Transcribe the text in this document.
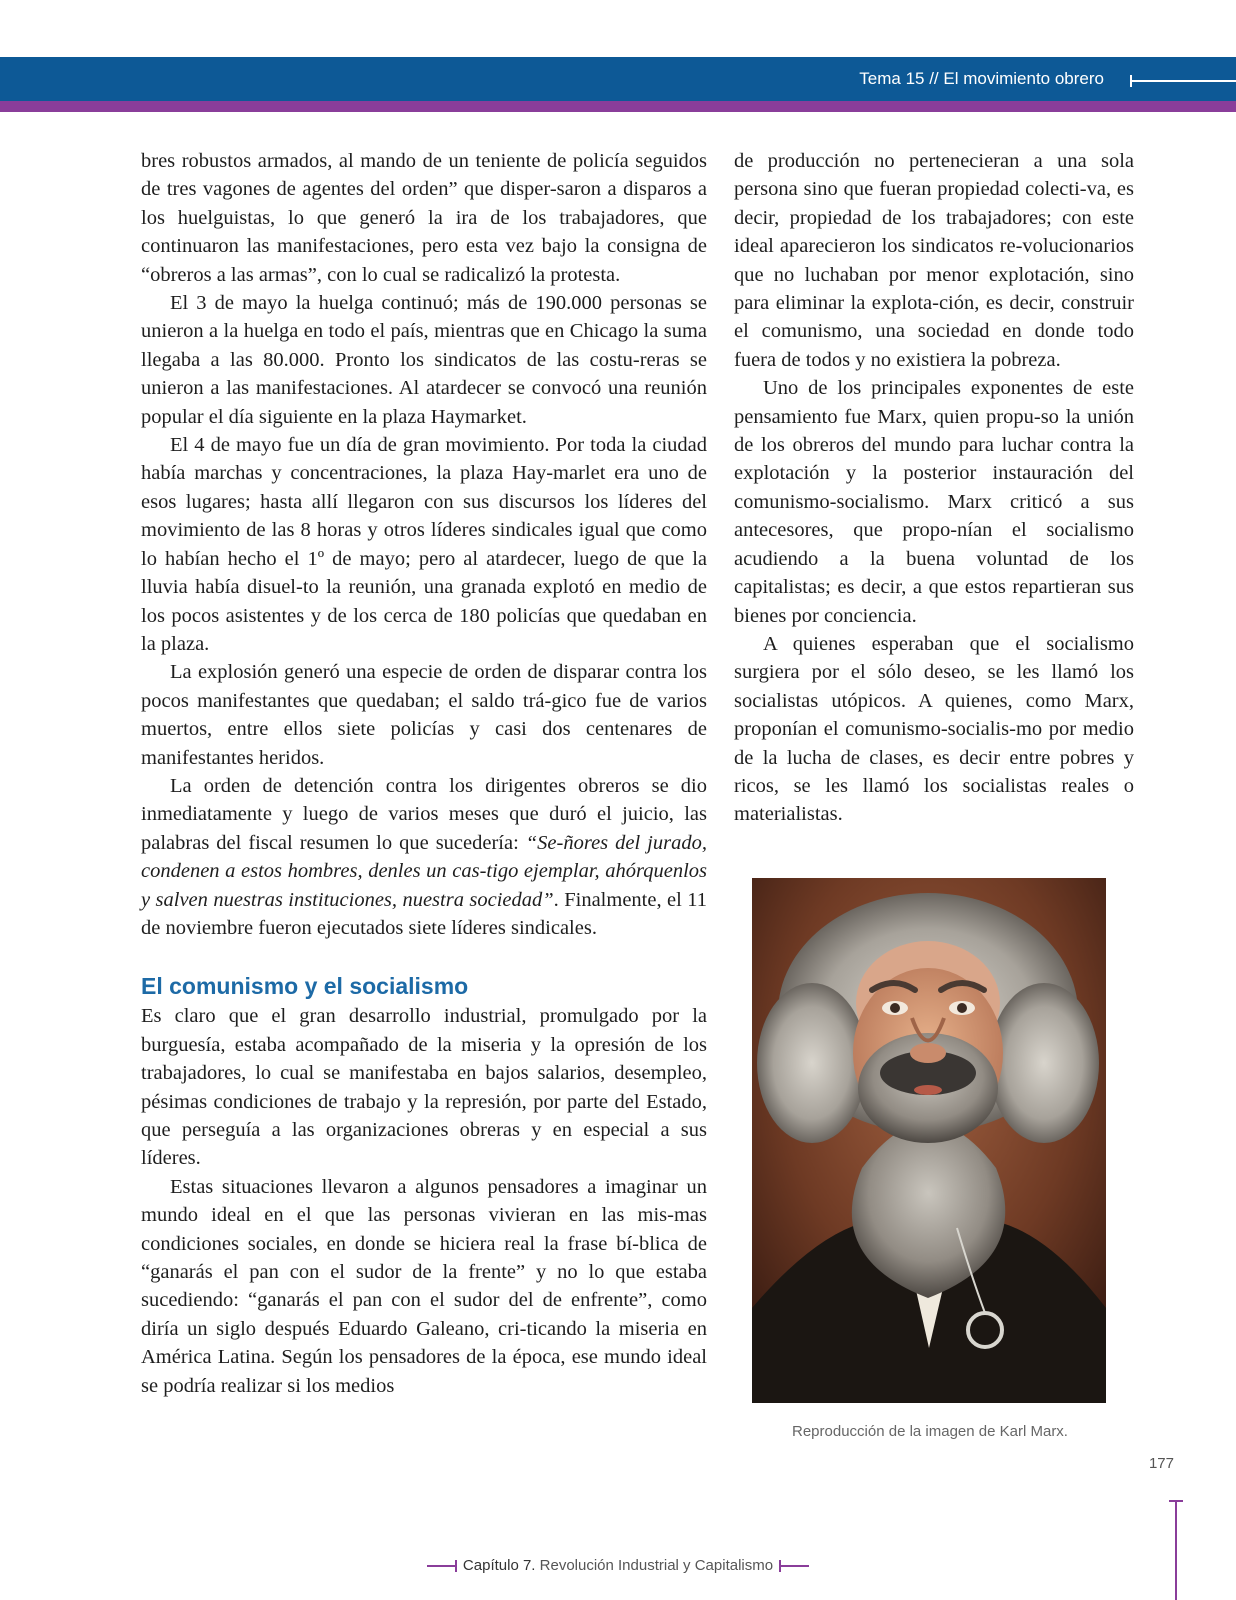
Tema 15 // El movimiento obrero

bres robustos armados, al mando de un teniente de policía seguidos de tres vagones de agentes del orden” que disper-saron a disparos a los huelguistas, lo que generó la ira de los trabajadores, que continuaron las manifestaciones, pero esta vez bajo la consigna de “obreros a las armas”, con lo cual se radicalizó la protesta.

El 3 de mayo la huelga continuó; más de 190.000 personas se unieron a la huelga en todo el país, mientras que en Chicago la suma llegaba a las 80.000. Pronto los sindicatos de las costu-reras se unieron a las manifestaciones. Al atardecer se convocó una reunión popular el día siguiente en la plaza Haymarket.

El 4 de mayo fue un día de gran movimiento. Por toda la ciudad había marchas y concentraciones, la plaza Hay-marlet era uno de esos lugares; hasta allí llegaron con sus discursos los líderes del movimiento de las 8 horas y otros líderes sindicales igual que como lo habían hecho el 1º de mayo; pero al atardecer, luego de que la lluvia había disuel-to la reunión, una granada explotó en medio de los pocos asistentes y de los cerca de 180 policías que quedaban en la plaza.

La explosión generó una especie de orden de disparar contra los pocos manifestantes que quedaban; el saldo trá-gico fue de varios muertos, entre ellos siete policías y casi dos centenares de manifestantes heridos.

La orden de detención contra los dirigentes obreros se dio inmediatamente y luego de varios meses que duró el juicio, las palabras del fiscal resumen lo que sucedería: “Se-ñores del jurado, condenen a estos hombres, denles un cas-tigo ejemplar, ahórquenlos y salven nuestras instituciones, nuestra sociedad”. Finalmente, el 11 de noviembre fueron ejecutados siete líderes sindicales.

El comunismo y el socialismo

Es claro que el gran desarrollo industrial, promulgado por la burguesía, estaba acompañado de la miseria y la opresión de los trabajadores, lo cual se manifestaba en bajos salarios, desempleo, pésimas condiciones de trabajo y la represión, por parte del Estado, que perseguía a las organizaciones obreras y en especial a sus líderes.

Estas situaciones llevaron a algunos pensadores a imaginar un mundo ideal en el que las personas vivieran en las mis-mas condiciones sociales, en donde se hiciera real la frase bí-blica de “ganarás el pan con el sudor de la frente” y no lo que estaba sucediendo: “ganarás el pan con el sudor del de enfrente”, como diría un siglo después Eduardo Galeano, cri-ticando la miseria en América Latina. Según los pensadores de la época, ese mundo ideal se podría realizar si los medios

de producción no pertenecieran a una sola persona sino que fueran propiedad colecti-va, es decir, propiedad de los trabajadores; con este ideal aparecieron los sindicatos re-volucionarios que no luchaban por menor explotación, sino para eliminar la explota-ción, es decir, construir el comunismo, una sociedad en donde todo fuera de todos y no existiera la pobreza.

Uno de los principales exponentes de este pensamiento fue Marx, quien propu-so la unión de los obreros del mundo para luchar contra la explotación y la posterior instauración del comunismo-socialismo. Marx criticó a sus antecesores, que propo-nían el socialismo acudiendo a la buena voluntad de los capitalistas; es decir, a que estos repartieran sus bienes por conciencia.

A quienes esperaban que el socialismo surgiera por el sólo deseo, se les llamó los socialistas utópicos. A quienes, como Marx, proponían el comunismo-socialis-mo por medio de la lucha de clases, es decir entre pobres y ricos, se les llamó los socialistas reales o materialistas.

Reproducción de la imagen de Karl Marx.
177
Capítulo 7. Revolución Industrial y Capitalismo
